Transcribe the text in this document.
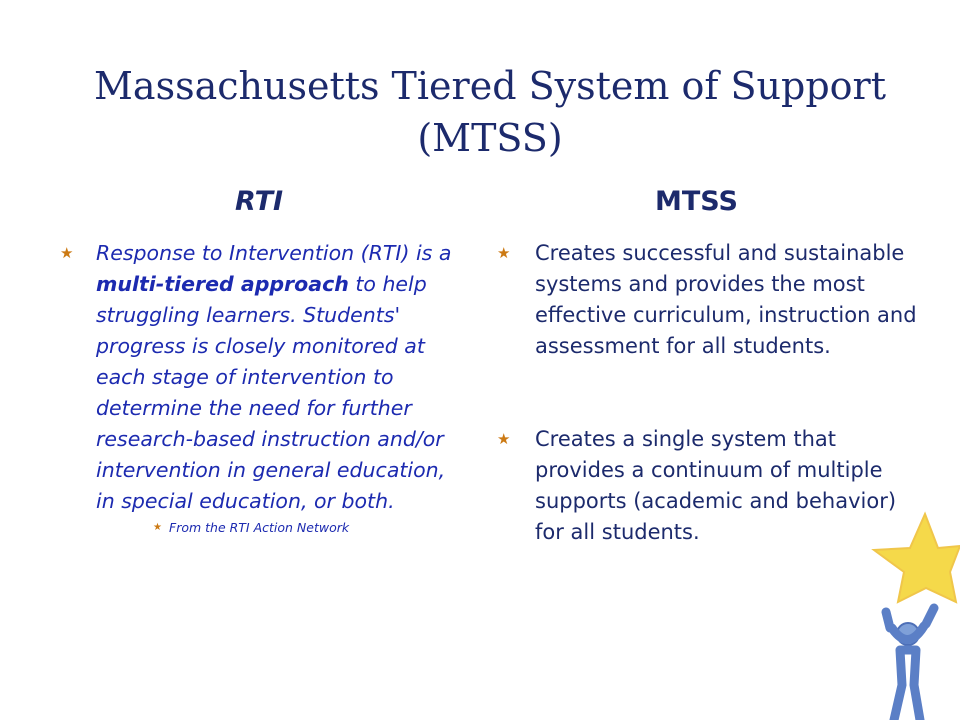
Massachusetts Tiered System of Support
(MTSS)
RTI	MTSS
★	Response to Intervention (RTI) is a multi-tiered approach to help struggling learners. Students' progress is closely monitored at each stage of intervention to determine the need for further research-based instruction and/or intervention in general education, in special education, or both.
★ From the RTI Action Network
★	Creates successful and sustainable systems and provides the most effective curriculum, instruction and assessment for all students.
★	Creates a single system that provides a continuum of multiple supports (academic and behavior) for all students.
